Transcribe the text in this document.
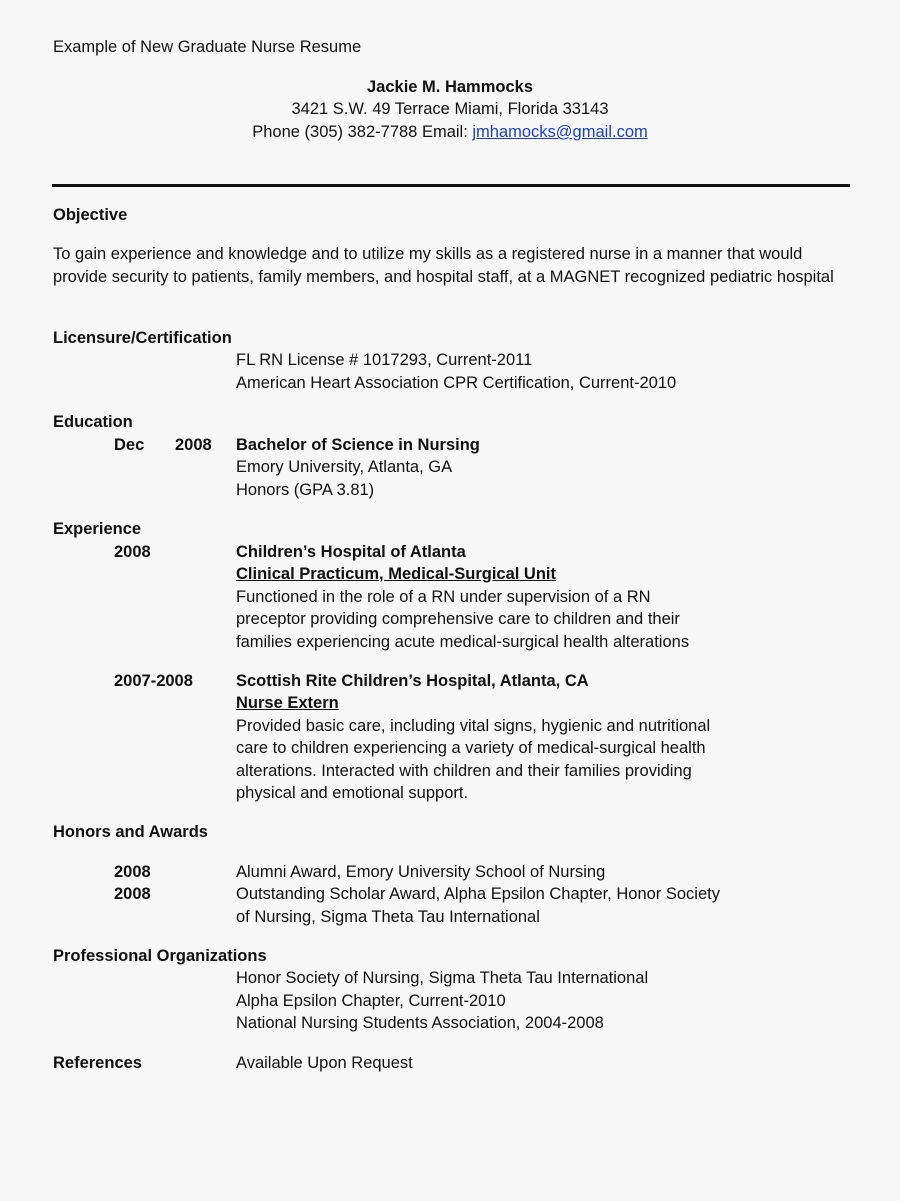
Example of New Graduate Nurse Resume
Jackie M. Hammocks
3421 S.W. 49 Terrace Miami, Florida 33143
Phone (305) 382-7788 Email: jmhamocks@gmail.com
Objective
To gain experience and knowledge and to utilize my skills as a registered nurse in a manner that would provide security to patients, family members, and hospital staff, at a MAGNET recognized pediatric hospital
Licensure/Certification
FL RN License # 1017293, Current-2011
American Heart Association CPR Certification, Current-2010
Education
Dec 2008 Bachelor of Science in Nursing
Emory University, Atlanta, GA
Honors (GPA 3.81)
Experience
2008	Children’s Hospital of Atlanta
Clinical Practicum, Medical-Surgical Unit
Functioned in the role of a RN under supervision of a RN
preceptor providing comprehensive care to children and their
families experiencing acute medical-surgical health alterations
2007-2008	Scottish Rite Children’s Hospital, Atlanta, CA
Nurse Extern
Provided basic care, including vital signs, hygienic and nutritional
care to children experiencing a variety of medical-surgical health
alterations. Interacted with children and their families providing
physical and emotional support.
Honors and Awards
2008	Alumni Award, Emory University School of Nursing
2008	Outstanding Scholar Award, Alpha Epsilon Chapter, Honor Society
of Nursing, Sigma Theta Tau International
Professional Organizations
Honor Society of Nursing, Sigma Theta Tau International
Alpha Epsilon Chapter, Current-2010
National Nursing Students Association, 2004-2008
References	Available Upon Request
